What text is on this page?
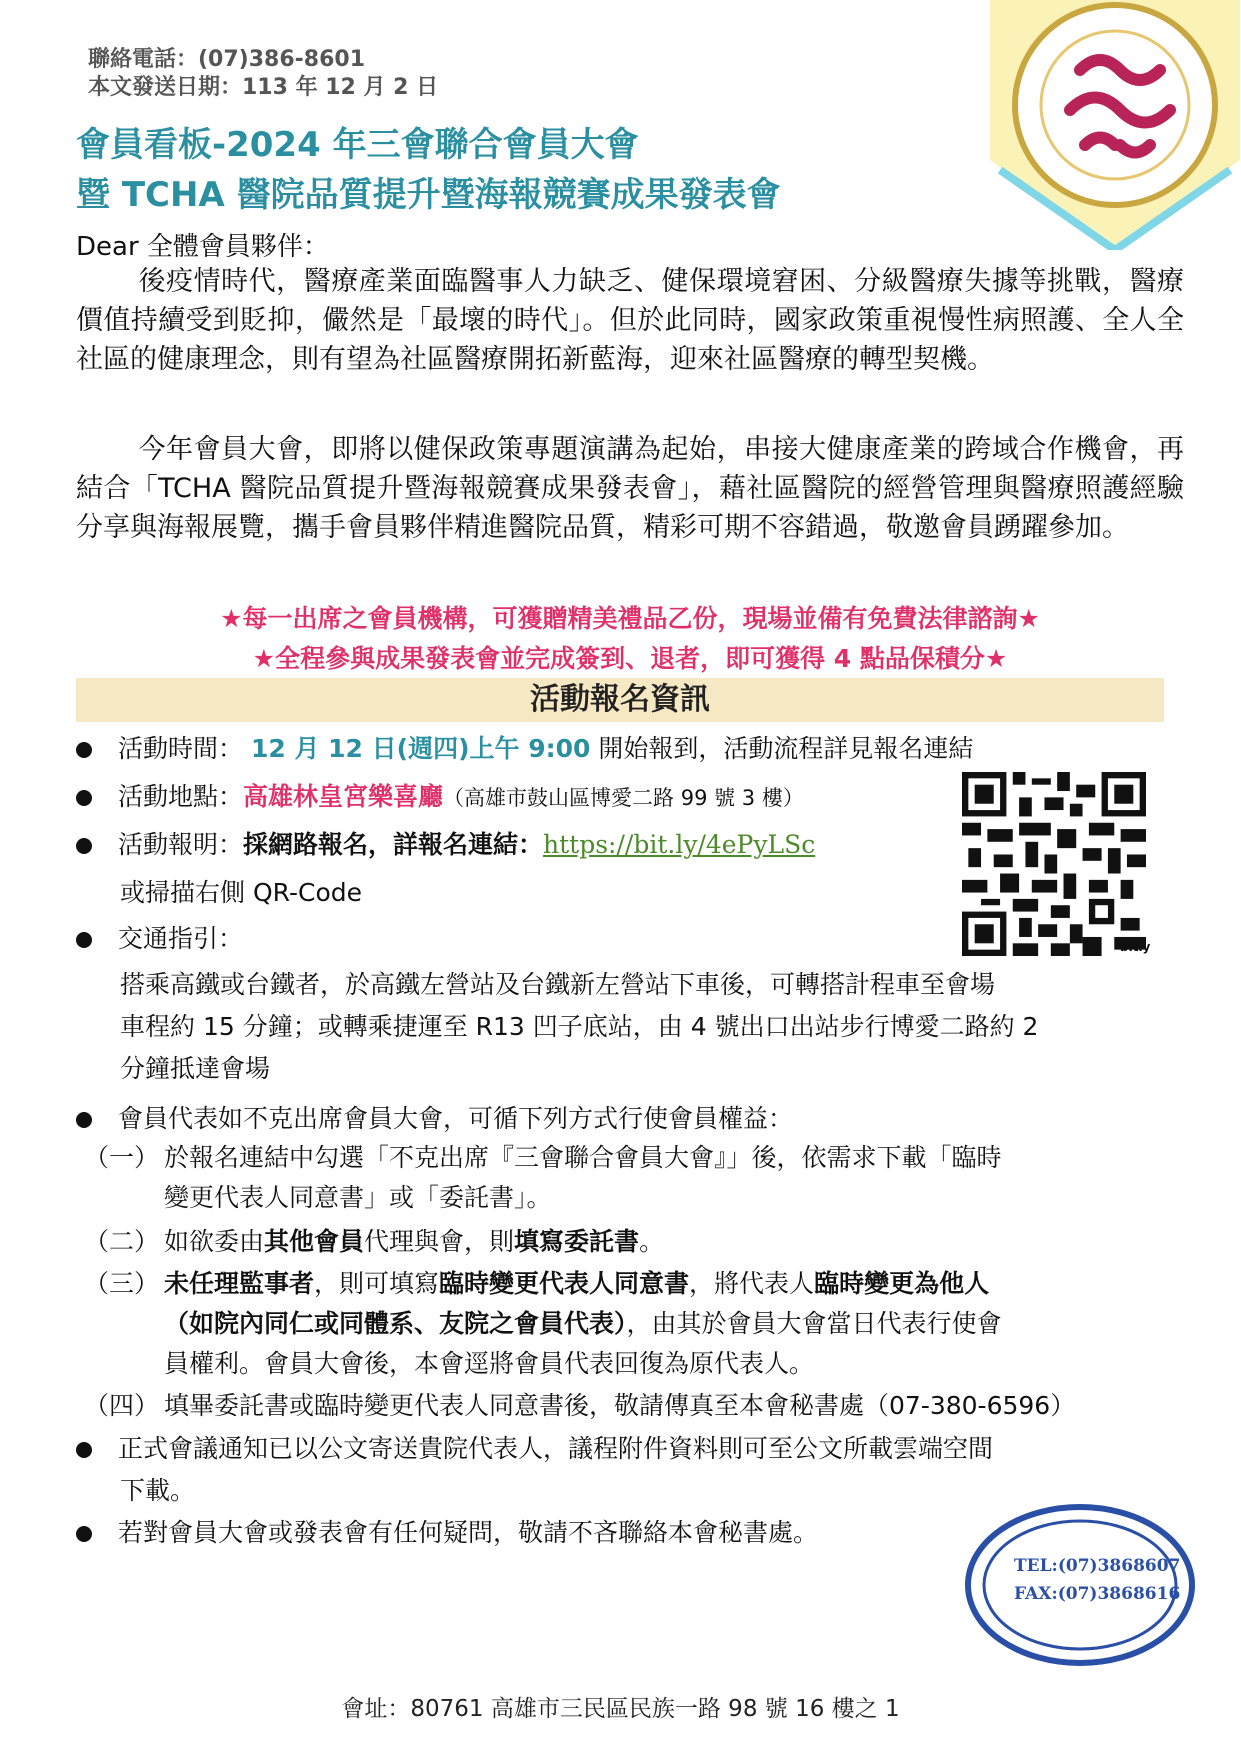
聯絡電話：(07)386-8601
本文發送日期：113 年 12 月 2 日
會員看板-2024 年三會聯合會員大會
暨 TCHA 醫院品質提升暨海報競賽成果發表會
Dear 全體會員夥伴：
後疫情時代，醫療產業面臨醫事人力缺乏、健保環境窘困、分級醫療失據等挑戰，醫療價值持續受到貶抑，儼然是「最壞的時代」。但於此同時，國家政策重視慢性病照護、全人全社區的健康理念，則有望為社區醫療開拓新藍海，迎來社區醫療的轉型契機。
今年會員大會，即將以健保政策專題演講為起始，串接大健康產業的跨域合作機會，再結合「TCHA 醫院品質提升暨海報競賽成果發表會」，藉社區醫院的經營管理與醫療照護經驗分享與海報展覽，攜手會員夥伴精進醫院品質，精彩可期不容錯過，敬邀會員踴躍參加。
★每一出席之會員機構，可獲贈精美禮品乙份，現場並備有免費法律諮詢★
★全程參與成果發表會並完成簽到、退者，即可獲得 4 點品保積分★
活動報名資訊
活動時間： 12 月 12 日(週四)上午 9:00 開始報到，活動流程詳見報名連結
活動地點：高雄林皇宮樂喜廳（高雄市鼓山區博愛二路 99 號 3 樓）
活動報明：採網路報名，詳報名連結：https://bit.ly/4ePyLSc
或掃描右側 QR-Code
交通指引：
搭乘高鐵或台鐵者，於高鐵左營站及台鐵新左營站下車後，可轉搭計程車至會場
車程約 15 分鐘；或轉乘捷運至 R13 凹子底站，由 4 號出口出站步行博愛二路約 2
分鐘抵達會場
bitly
會員代表如不克出席會員大會，可循下列方式行使會員權益：
（一） 於報名連結中勾選「不克出席『三會聯合會員大會』」後，依需求下載「臨時
變更代表人同意書」或「委託書」。
（二） 如欲委由其他會員代理與會，則填寫委託書。
（三） 未任理監事者，則可填寫臨時變更代表人同意書，將代表人臨時變更為他人
（如院內同仁或同體系、友院之會員代表），由其於會員大會當日代表行使會
員權利。會員大會後，本會逕將會員代表回復為原代表人。
（四） 填畢委託書或臨時變更代表人同意書後，敬請傳真至本會秘書處（07-380-6596）
正式會議通知已以公文寄送貴院代表人，議程附件資料則可至公文所載雲端空間
下載。
若對會員大會或發表會有任何疑問，敬請不吝聯絡本會秘書處。
TEL:(07)3868607
FAX:(07)3868616
會址：80761 高雄市三民區民族一路 98 號 16 樓之 1
